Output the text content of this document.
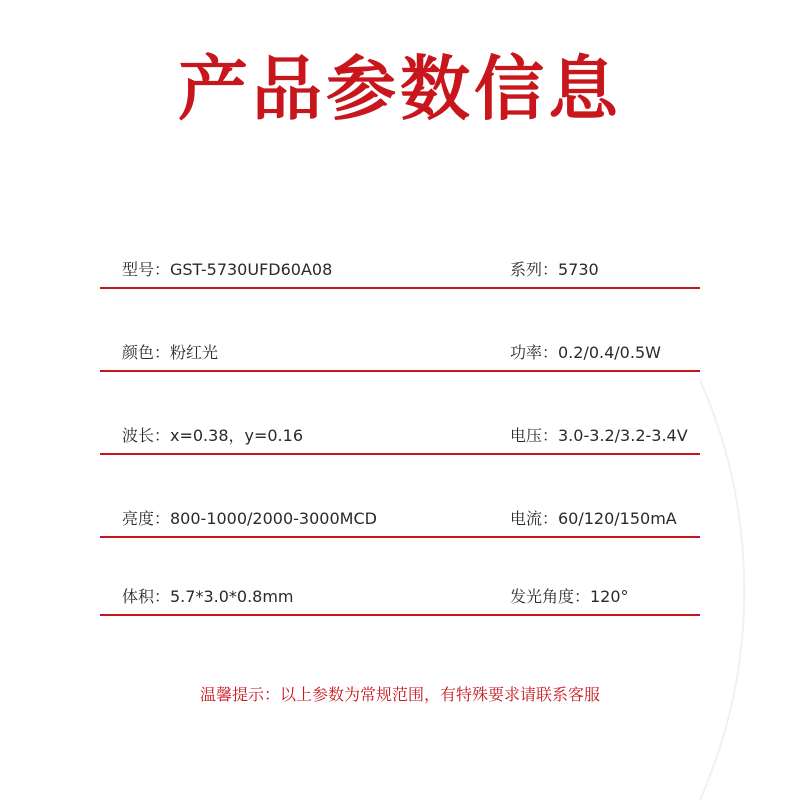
产品参数信息
型号：GST-5730UFD60A08	系列：5730
颜色：粉红光	功率：0.2/0.4/0.5W
波长：x=0.38，y=0.16	电压：3.0-3.2/3.2-3.4V
亮度：800-1000/2000-3000MCD	电流：60/120/150mA
体积：5.7*3.0*0.8mm	发光角度：120°
温馨提示：以上参数为常规范围，有特殊要求请联系客服
